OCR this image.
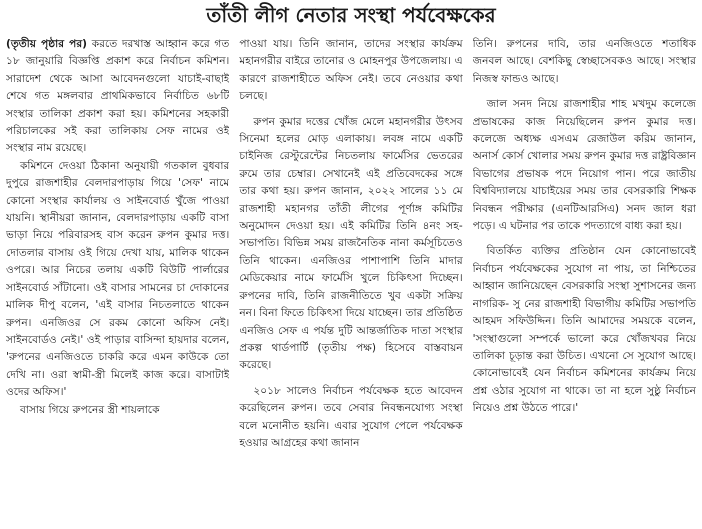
তাঁতী লীগ নেতার সংস্থা পর্যবেক্ষকের

(তৃতীয় পৃষ্ঠার পর) করতে দরখাস্ত আহ্বান করে গত ১৮ জানুয়ারি বিজ্ঞপ্তি প্রকাশ করে নির্বাচন কমিশন। সারাদেশ থেকে আসা আবেদনগুলো যাচাই-বাছাই শেষে গত মঙ্গলবার প্রাথমিকভাবে নির্বাচিত ৬৮টি সংস্থার তালিকা প্রকাশ করা হয়। কমিশনের সহকারী পরিচালকের সই করা তালিকায় সেফ নামের ওই সংস্থার নাম রয়েছে।

কমিশনে দেওয়া ঠিকানা অনুযায়ী গতকাল বুধবার দুপুরে রাজশাহীর বেলদারপাড়ায় গিয়ে 'সেফ' নামে কোনো সংস্থার কার্যালয় ও সাইনবোর্ড খুঁজে পাওয়া যায়নি। স্থানীয়রা জানান, বেলদারপাড়ায় একটি বাসা ভাড়া নিয়ে পরিবারসহ বাস করেন রুপন কুমার দত্ত। দোতলার বাসায় ওই গিয়ে দেখা যায়, মালিক থাকেন ওপরে। আর নিচের তলায় একটি বিউটি পার্লারের সাইনবোর্ড সাঁটানো। ওই বাসার সামনের চা দোকানের মালিক দীপু বলেন, 'এই বাসার নিচতলাতে থাকেন রুপন। এনজিওর সে রকম কোনো অফিস নেই। সাইনবোর্ডও নেই।' ওই পাড়ার বাসিন্দা হায়দার বলেন, 'রুপনের এনজিওতে চাকরি করে এমন কাউকে তো দেখি না। ওরা স্বামী-স্ত্রী মিলেই কাজ করে। বাসাটাই ওদের অফিস।'

বাসায় গিয়ে রুপনের স্ত্রী শায়লাকে

পাওয়া যায়। তিনি জানান, তাদের সংস্থার কার্যক্রম মহানগরীর বাইরে তানোর ও মোহনপুর উপজেলায়। এ কারণে রাজশাহীতে অফিস নেই। তবে নেওয়ার কথা চলছে।

রুপন কুমার দত্তের খোঁজ মেলে মহানগরীর উৎসব সিনেমা হলের মোড় এলাকায়। লবঙ্গ নামে একটি চাইনিজ রেস্টুরেন্টের নিচতলায় ফার্মেসির ভেতরের রুমে তার চেম্বার। সেখানেই এই প্রতিবেদকের সঙ্গে তার কথা হয়। রুপন জানান, ২০২২ সালের ১১ মে রাজশাহী মহানগর তাঁতী লীগের পূর্ণাঙ্গ কমিটির অনুমোদন দেওয়া হয়। এই কমিটির তিনি ৪নং সহ-সভাপতি। বিভিন্ন সময় রাজনৈতিক নানা কর্মসূচিতেও তিনি থাকেন। এনজিওর পাশাপাশি তিনি মাদার মেডিকেয়ার নামে ফার্মেসি খুলে চিকিৎসা দিচ্ছেন। রুপনের দাবি, তিনি রাজনীতিতে খুব একটা সক্রিয় নন। বিনা ফিতে চিকিৎসা দিয়ে যাচ্ছেন। তার প্রতিষ্ঠিত এনজিও সেফ এ পর্যন্ত দুটি আন্তর্জাতিক দাতা সংস্থার প্রকল্প থার্ডপার্টি (তৃতীয় পক্ষ) হিসেবে বাস্তবায়ন করেছে।

২০১৮ সালেও নির্বাচন পর্যবেক্ষক হতে আবেদন করেছিলেন রুপন। তবে সেবার নিবন্ধনযোগ্য সংস্থা বলে মনোনীত হয়নি। এবার সুযোগ পেলে পর্যবেক্ষক হওয়ার আগ্রহের কথা জানান

তিনি। রুপনের দাবি, তার এনজিওতে শতাধিক জনবল আছে। বেশকিছু স্বেচ্ছাসেবকও আছে। সংস্থার নিজস্ব ফান্ডও আছে।

জাল সনদ নিয়ে রাজশাহীর শাহ মখদুম কলেজে প্রভাষকের কাজ নিয়েছিলেন রুপন কুমার দত্ত। কলেজে অধ্যক্ষ এসএম রেজাউল করিম জানান, অনার্স কোর্স খোলার সময় রুপন কুমার দত্ত রাষ্ট্রবিজ্ঞান বিভাগের প্রভাষক পদে নিয়োগ পান। পরে জাতীয় বিশ্ববিদ্যালয়ে যাচাইয়ের সময় তার বেসরকারি শিক্ষক নিবন্ধন পরীক্ষার (এনটিআরসিএ) সনদ জাল ধরা পড়ে। এ ঘটনার পর তাকে পদত্যাগে বাধ্য করা হয়।

বিতর্কিত ব্যক্তির প্রতিষ্ঠান যেন কোনোভাবেই নির্বাচন পর্যবেক্ষকের সুযোগ না পায়, তা নিশ্চিতের আহ্বান জানিয়েছেন বেসরকারি সংস্থা সুশাসনের জন্য নাগরিক- সু নের রাজশাহী বিভাগীয় কমিটির সভাপতি আহমদ সফিউদ্দিন। তিনি আমাদের সময়কে বলেন, 'সংস্থাগুলো সম্পর্কে ভালো করে খোঁজখবর নিয়ে তালিকা চূড়ান্ত করা উচিত। এখনো সে সুযোগ আছে। কোনোভাবেই যেন নির্বাচন কমিশনের কার্যক্রম নিয়ে প্রশ্ন ওঠার সুযোগ না থাকে। তা না হলে সুষ্ঠু নির্বাচন নিয়েও প্রশ্ন উঠতে পারে।'
